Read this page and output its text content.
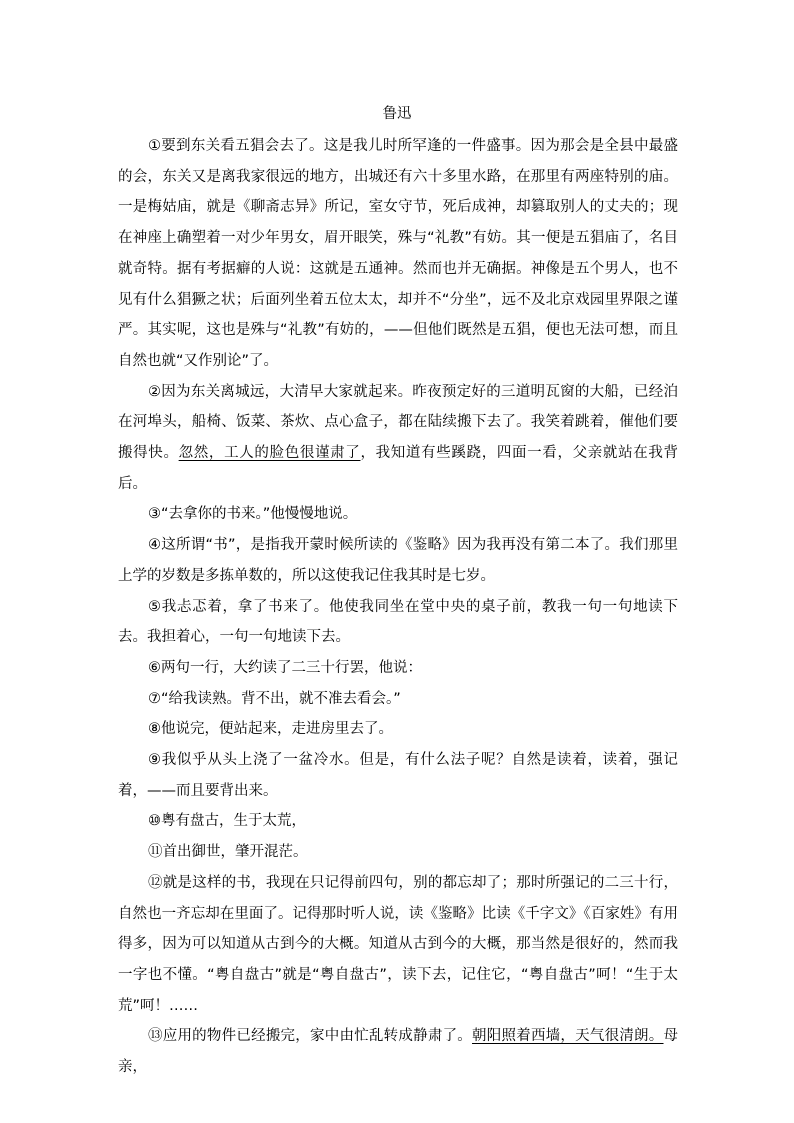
鲁迅

①要到东关看五猖会去了。这是我儿时所罕逢的一件盛事。因为那会是全县中最盛的会，东关又是离我家很远的地方，出城还有六十多里水路，在那里有两座特别的庙。一是梅姑庙，就是《聊斋志异》所记，室女守节，死后成神，却篡取别人的丈夫的；现在神座上确塑着一对少年男女，眉开眼笑，殊与“礼教”有妨。其一便是五猖庙了，名目就奇特。据有考据癖的人说：这就是五通神。然而也并无确据。神像是五个男人，也不见有什么猖獗之状；后面列坐着五位太太，却并不“分坐”，远不及北京戏园里界限之谨严。其实呢，这也是殊与“礼教”有妨的，——但他们既然是五猖，便也无法可想，而且自然也就“又作别论”了。

②因为东关离城远，大清早大家就起来。昨夜预定好的三道明瓦窗的大船，已经泊在河埠头，船椅、饭菜、茶炊、点心盒子，都在陆续搬下去了。我笑着跳着，催他们要搬得快。忽然，工人的脸色很谨肃了，我知道有些蹊跷，四面一看，父亲就站在我背后。

③“去拿你的书来。”他慢慢地说。

④这所谓“书”，是指我开蒙时候所读的《鉴略》因为我再没有第二本了。我们那里上学的岁数是多拣单数的，所以这使我记住我其时是七岁。

⑤我忐忑着，拿了书来了。他使我同坐在堂中央的桌子前，教我一句一句地读下去。我担着心，一句一句地读下去。

⑥两句一行，大约读了二三十行罢，他说：

⑦“给我读熟。背不出，就不准去看会。”

⑧他说完，便站起来，走进房里去了。

⑨我似乎从头上浇了一盆冷水。但是，有什么法子呢？自然是读着，读着，强记着，——而且要背出来。

⑩粤有盘古，生于太荒，

⑪首出御世，肇开混茫。

⑫就是这样的书，我现在只记得前四句，别的都忘却了；那时所强记的二三十行，自然也一齐忘却在里面了。记得那时听人说，读《鉴略》比读《千字文》《百家姓》有用得多，因为可以知道从古到今的大概。知道从古到今的大概，那当然是很好的，然而我一字也不懂。“粤自盘古”就是“粤自盘古”，读下去，记住它，“粤自盘古”呵！“生于太荒”呵！……

⑬应用的物件已经搬完，家中由忙乱转成静肃了。朝阳照着西墙，天气很清朗。母亲，
